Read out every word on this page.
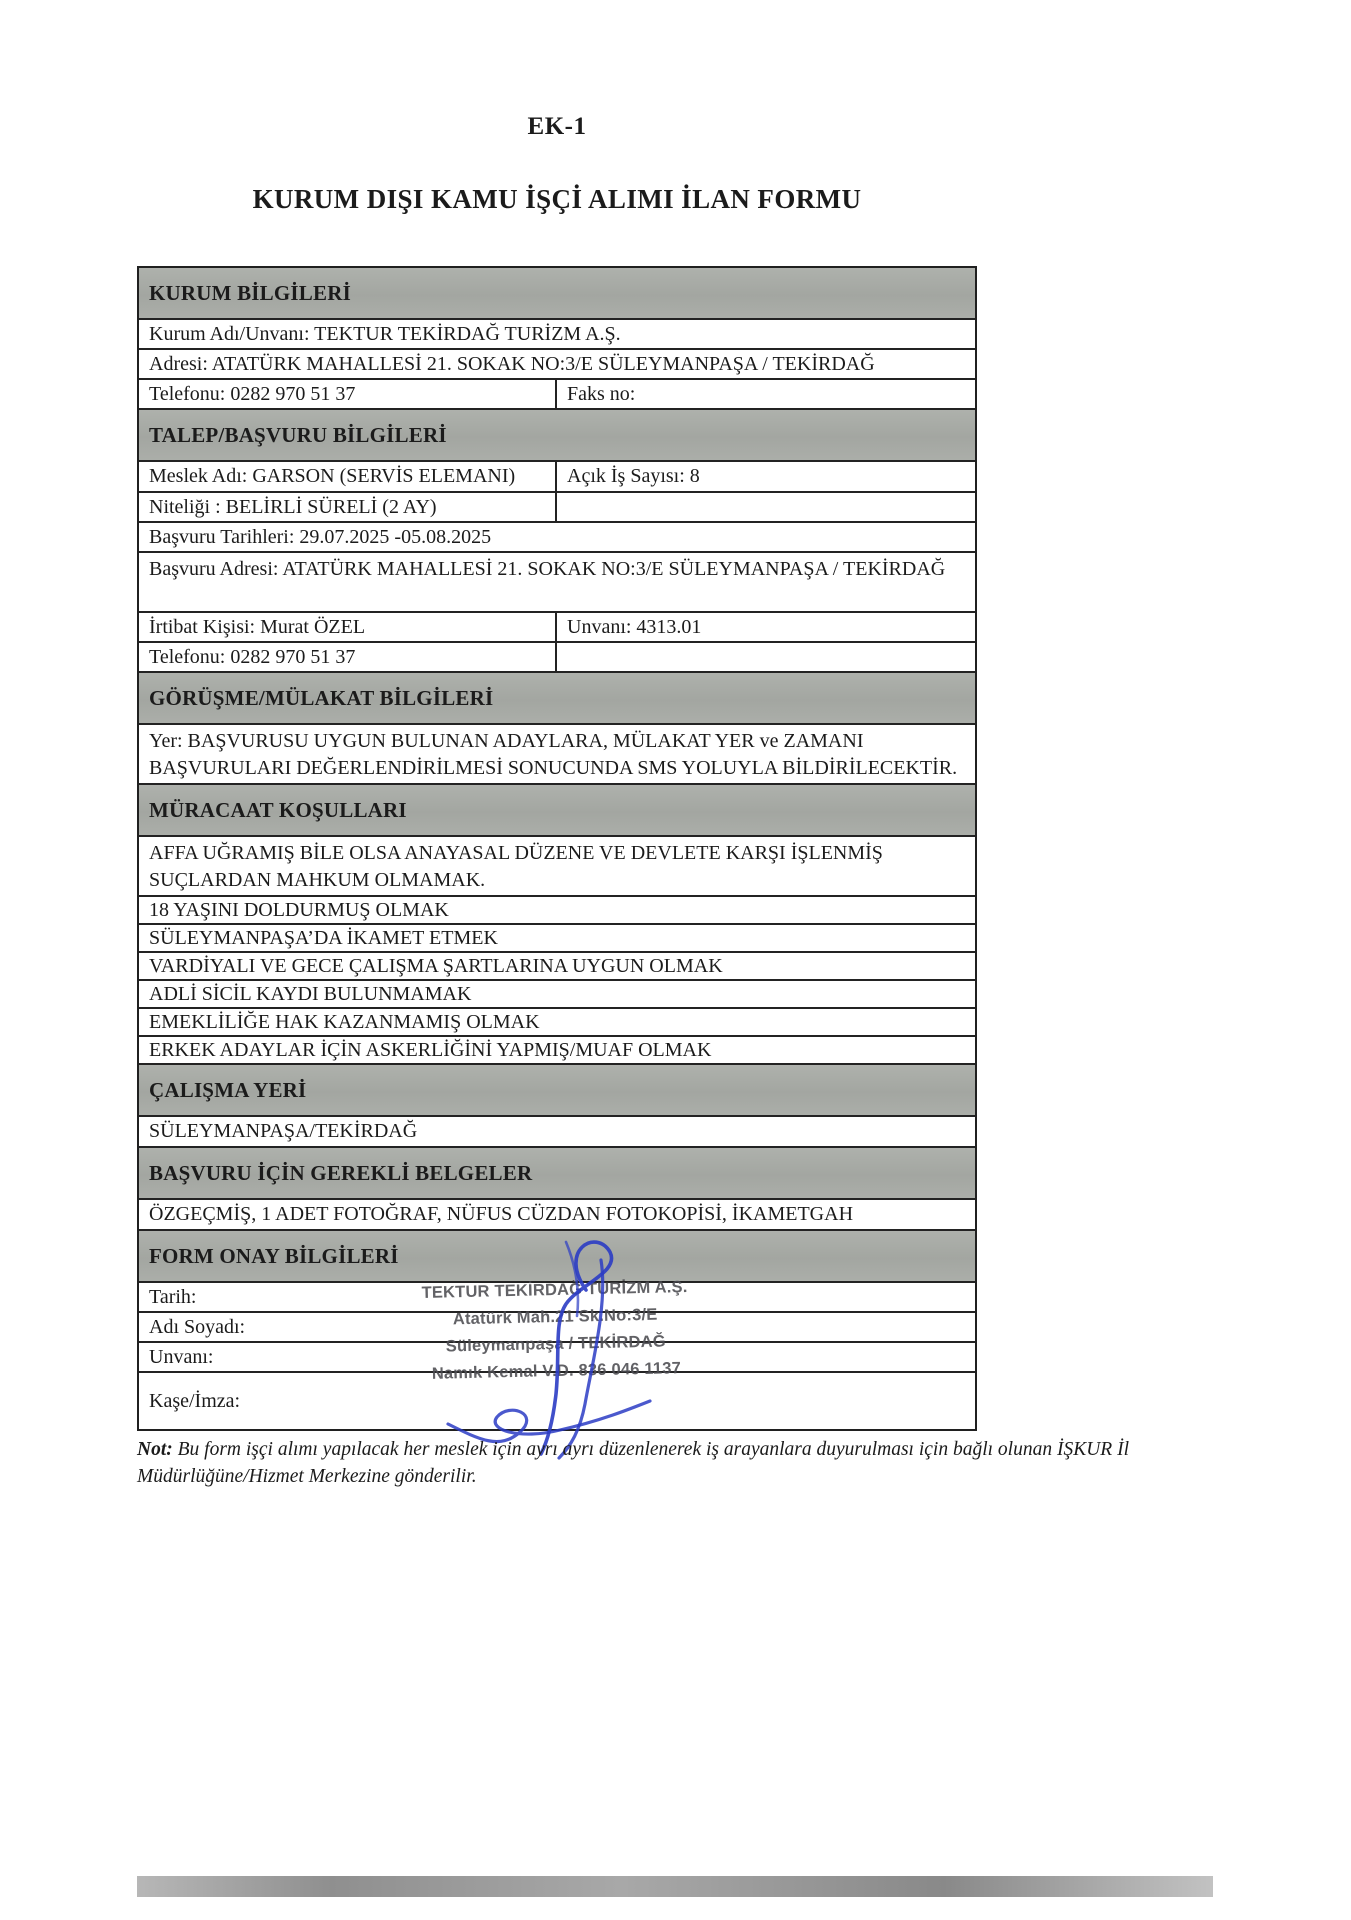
EK-1
KURUM DIŞI KAMU İŞÇİ ALIMI İLAN FORMU
KURUM BİLGİLERİ
Kurum Adı/Unvanı: TEKTUR TEKİRDAĞ TURİZM A.Ş.
Adresi: ATATÜRK MAHALLESİ 21. SOKAK NO:3/E SÜLEYMANPAŞA / TEKİRDAĞ
Telefonu: 0282 970 51 37	Faks no:
TALEP/BAŞVURU BİLGİLERİ
Meslek Adı: GARSON (SERVİS ELEMANI)	Açık İş Sayısı: 8
Niteliği : BELİRLİ SÜRELİ (2 AY)
Başvuru Tarihleri: 29.07.2025 -05.08.2025
Başvuru Adresi: ATATÜRK MAHALLESİ 21. SOKAK NO:3/E SÜLEYMANPAŞA / TEKİRDAĞ
İrtibat Kişisi: Murat ÖZEL	Unvanı: 4313.01
Telefonu: 0282 970 51 37
GÖRÜŞME/MÜLAKAT BİLGİLERİ
Yer: BAŞVURUSU UYGUN BULUNAN ADAYLARA, MÜLAKAT YER ve ZAMANI BAŞVURULARI DEĞERLENDİRİLMESİ SONUCUNDA SMS YOLUYLA BİLDİRİLECEKTİR.
MÜRACAAT KOŞULLARI
AFFA UĞRAMIŞ BİLE OLSA ANAYASAL DÜZENE VE DEVLETE KARŞI İŞLENMİŞ SUÇLARDAN MAHKUM OLMAMAK.
18 YAŞINI DOLDURMUŞ OLMAK
SÜLEYMANPAŞA’DA İKAMET ETMEK
VARDİYALI VE GECE ÇALIŞMA ŞARTLARINA UYGUN OLMAK
ADLİ SİCİL KAYDI BULUNMAMAK
EMEKLİLİĞE HAK KAZANMAMIŞ OLMAK
ERKEK ADAYLAR İÇİN ASKERLİĞİNİ YAPMIŞ/MUAF OLMAK
ÇALIŞMA YERİ
SÜLEYMANPAŞA/TEKİRDAĞ
BAŞVURU İÇİN GEREKLİ BELGELER
ÖZGEÇMİŞ, 1 ADET FOTOĞRAF, NÜFUS CÜZDAN FOTOKOPİSİ, İKAMETGAH
FORM ONAY BİLGİLERİ
Tarih:
Adı Soyadı:
Unvanı:
Kaşe/İmza:
TEKTUR TEKİRDAĞ TURİZM A.Ş.
Atatürk Mah.21 Sk.No:3/E
Süleymanpaşa / TEKİRDAĞ
Namık Kemal V.D. 836 046 1137
Not: Bu form işçi alımı yapılacak her meslek için ayrı ayrı düzenlenerek iş arayanlara duyurulması için bağlı olunan İŞKUR İl Müdürlüğüne/Hizmet Merkezine gönderilir.
